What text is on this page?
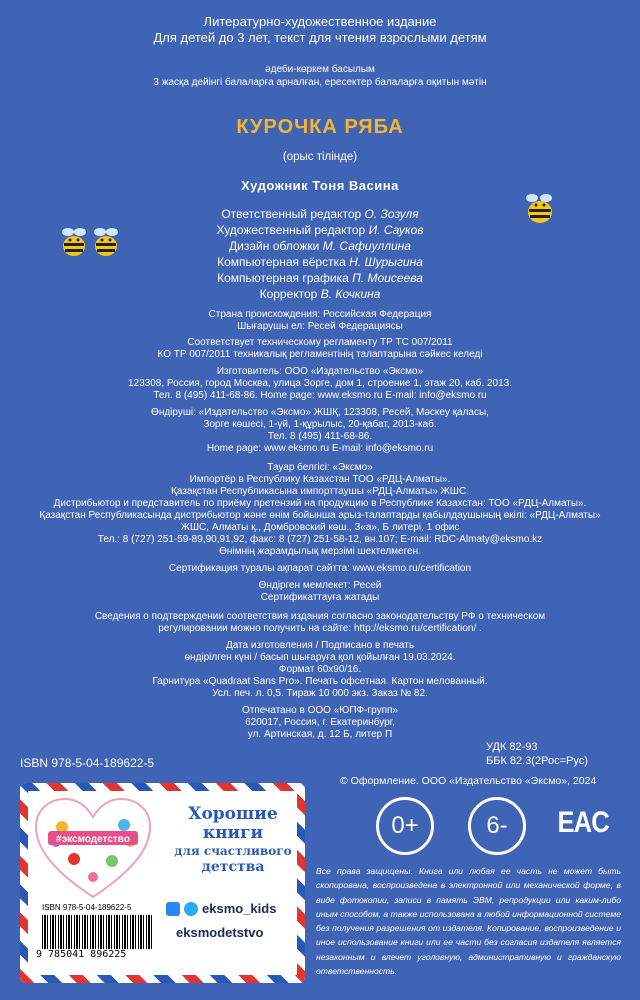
Литературно-художественное издание
Для детей до 3 лет, текст для чтения взрослыми детям
әдеби-көркем басылым
3 жасқа дейінгі балаларға арналған, ересектер балаларға оқитын мәтін
КУРОЧКА РЯБА
(орыс тілінде)
Художник Тоня Васина
Ответственный редактор О. Зозуля
Художественный редактор И. Сауков
Дизайн обложки М. Сафиуллина
Компьютерная вёрстка Н. Шурыгина
Компьютерная графика П. Моисеева
Корректор В. Кочкина
Страна происхождения: Российская Федерация
Шығарушы ел: Ресей Федерациясы
Соответствует техническому регламенту ТР ТС 007/2011
КО ТР 007/2011 техникалық регламентінің талаптарына сәйкес келеді
Изготовитель: ООО «Издательство «Эксмо»
123308, Россия, город Москва, улица Зорге, дом 1, строение 1, этаж 20, каб. 2013.
Тел. 8 (495) 411-68-86. Home page: www.eksmo.ru E-mail: info@eksmo.ru
Өндіруші: «Издательство «Эксмо» ЖШҚ, 123308, Ресей, Мәскеу қаласы,
Зорге көшесі, 1-үй, 1-құрылыс, 20-қабат, 2013-каб.
Тел. 8 (495) 411-68-86.
Home page: www.eksmo.ru E-mail: info@eksmo.ru
Тауар белгісі: «Эксмо»
Импортёр в Республику Казахстан ТОО «РДЦ-Алматы».
Қазақстан Республикасына импорттаушы «РДЦ-Алматы» ЖШС.
Дистрибьютор и представитель по приёму претензий на продукцию в Республике Казахстан: ТОО «РДЦ-Алматы».
Қазақстан Республикасында дистрибьютор және өнім бойынша арыз-талаптарды қабылдаушының өкілі: «РДЦ-Алматы»
ЖШС, Алматы қ., Домбровский көш., 3«а», Б литері, 1 офис
Тел.: 8 (727) 251-59-89,90,91,92, факс: 8 (727) 251-58-12, вн.107; E-mail: RDC-Almaty@eksmo.kz
Өнімнің жарамдылық мерзімі шектелмеген.
Сертификация туралы ақпарат сайтта: www.eksmo.ru/certification
Өндірген мемлекет: Ресей
Сертификаттауға жатады
Сведения о подтверждении соответствия издания согласно законодательству РФ о техническом
регулировании можно получить на сайте: http://eksmo.ru/certification/ .
Дата изготовления / Подписано в печать
өндірілген күні / басып шығаруға қол қойылған 19.03.2024.
Формат 60х90/16.
Гарнитура «Quadraat Sans Pro». Печать офсетная. Картон мелованный.
Усл. печ. л. 0,5. Тираж 10 000 экз. Заказ № 82.
Отпечатано в ООО «ЮПФ-групп»
620017, Россия, г. Екатеринбург,
ул. Артинская, д. 12 Б, литер П
УДК 82-93
ББК 82.3(2Рос=Рус)
ISBN 978-5-04-189622-5
© Оформление. ООО «Издательство «Эксмо», 2024
0+	6- EAC
#эксмодетство
Хорошие
книги
для счастливого
детства
eksmo_kids
eksmodetstvo
ISBN 978-5-04-189622-5
9 785041 896225
Все права защищены. Книга или любая ее часть не может быть скопирована, воспроизведена в электронной или механической форме, в виде фотокопии, записи в память ЭВМ, репродукции или каким-либо иным способом, а также использована в любой информационной системе без получения разрешения от издателя. Копирование, воспроизведение и иное использование книги или ее части без согласия издателя является незаконным и влечет уголовную, административную и гражданскую ответственность.
